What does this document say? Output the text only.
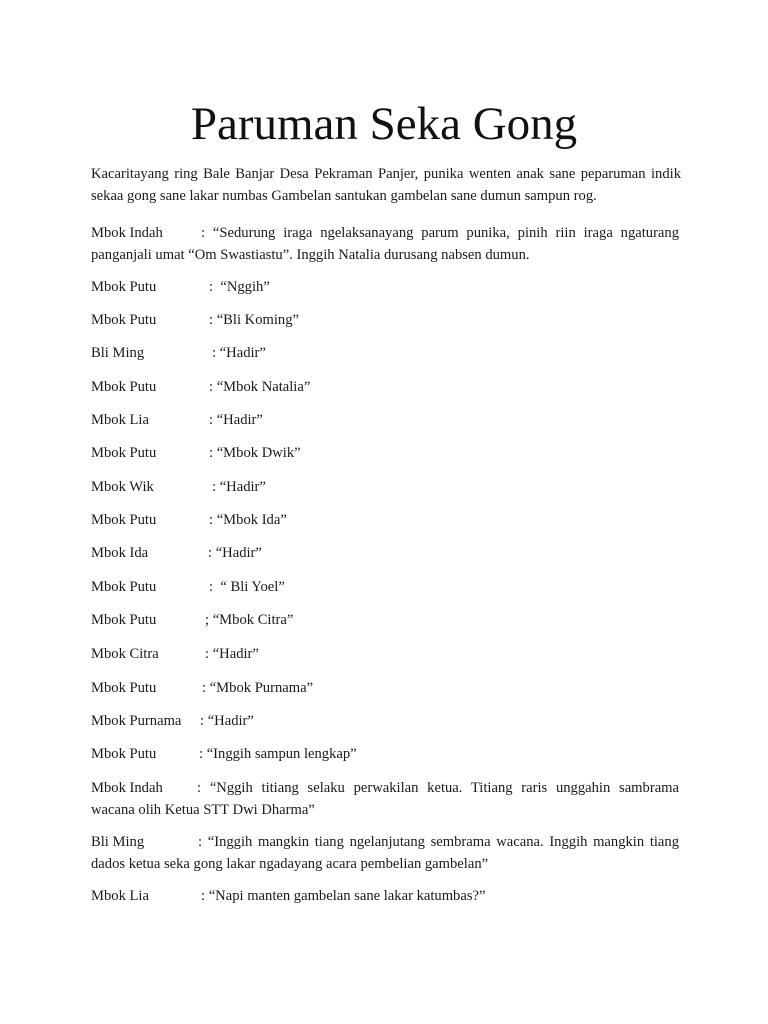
Paruman Seka Gong

Kacaritayang ring Bale Banjar Desa Pekraman Panjer, punika wenten anak sane peparuman indik sekaa gong sane lakar numbas Gambelan santukan gambelan sane dumun sampun rog.

Mbok Indah	: “Sedurung iraga ngelaksanayang parum punika, pinih riin iraga ngaturang panganjali umat “Om Swastiastu”. Inggih Natalia durusang nabsen dumun.
Mbok Putu	:  “Nggih”
Mbok Putu	: “Bli Koming”
Bli Ming	: “Hadir”
Mbok Putu	: “Mbok Natalia”
Mbok Lia	: “Hadir”
Mbok Putu	: “Mbok Dwik”
Mbok Wik	: “Hadir”
Mbok Putu	: “Mbok Ida”
Mbok Ida	: “Hadir”
Mbok Putu	:  “ Bli Yoel”
Mbok Putu	; “Mbok Citra”
Mbok Citra	: “Hadir”
Mbok Putu	: “Mbok Purnama”
Mbok Purnama : “Hadir”
Mbok Putu	: “Inggih sampun lengkap”
Mbok Indah : “Nggih titiang selaku perwakilan ketua. Titiang raris unggahin sambrama wacana olih Ketua STT Dwi Dharma”
Bli Ming	: “Inggih mangkin tiang ngelanjutang sembrama wacana. Inggih mangkin tiang dados ketua seka gong lakar ngadayang acara pembelian gambelan”
Mbok Lia	: “Napi manten gambelan sane lakar katumbas?”
